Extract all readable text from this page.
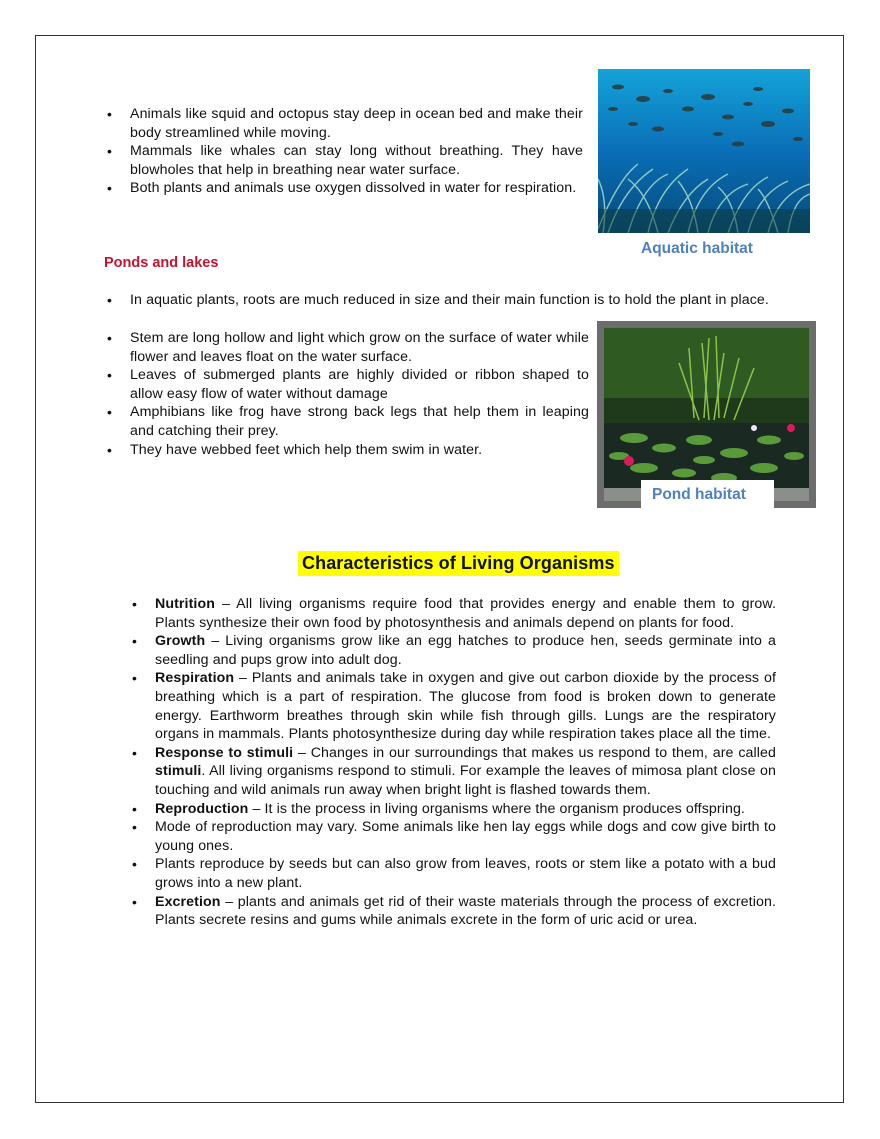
• Animals like squid and octopus stay deep in ocean bed and make their body streamlined while moving.
• Mammals like whales can stay long without breathing. They have blowholes that help in breathing near water surface.
• Both plants and animals use oxygen dissolved in water for respiration.
Aquatic habitat
Ponds and lakes
• In aquatic plants, roots are much reduced in size and their main function is to hold the plant in place.
• Stem are long hollow and light which grow on the surface of water while flower and leaves float on the water surface.
• Leaves of submerged plants are highly divided or ribbon shaped to allow easy flow of water without damage
• Amphibians like frog have strong back legs that help them in leaping and catching their prey.
• They have webbed feet which help them swim in water.
Pond habitat
Characteristics of Living Organisms
• Nutrition – All living organisms require food that provides energy and enable them to grow. Plants synthesize their own food by photosynthesis and animals depend on plants for food.
• Growth – Living organisms grow like an egg hatches to produce hen, seeds germinate into a seedling and pups grow into adult dog.
• Respiration – Plants and animals take in oxygen and give out carbon dioxide by the process of breathing which is a part of respiration. The glucose from food is broken down to generate energy. Earthworm breathes through skin while fish through gills. Lungs are the respiratory organs in mammals. Plants photosynthesize during day while respiration takes place all the time.
• Response to stimuli – Changes in our surroundings that makes us respond to them, are called stimuli. All living organisms respond to stimuli. For example the leaves of mimosa plant close on touching and wild animals run away when bright light is flashed towards them.
• Reproduction – It is the process in living organisms where the organism produces offspring.
• Mode of reproduction may vary. Some animals like hen lay eggs while dogs and cow give birth to young ones.
• Plants reproduce by seeds but can also grow from leaves, roots or stem like a potato with a bud grows into a new plant.
• Excretion – plants and animals get rid of their waste materials through the process of excretion. Plants secrete resins and gums while animals excrete in the form of uric acid or urea.
